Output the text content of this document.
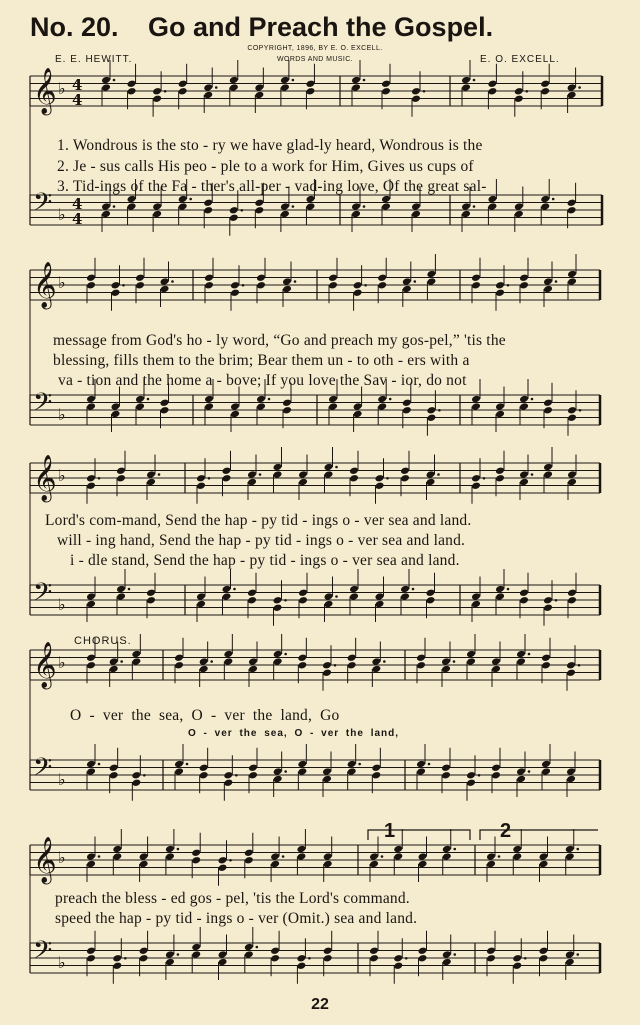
No. 20. Go and Preach the Gospel.
E. E. HEWITT.
COPYRIGHT, 1896, BY E. O. EXCELL.
WORDS AND MUSIC.	E. O. EXCELL.
𝄞 ♭ 4
4
𝄢 ♭
4
4
𝄞 ♭
𝄢 ♭
𝄞 ♭
𝄢 ♭
𝄞 ♭
𝄢 ♭
𝄞 ♭
𝄢 ♭
1. Wondrous is the sto - ry we have glad-ly heard, Wondrous is the
2. Je - sus calls His peo - ple to a work for Him, Gives us cups of
3. Tid-ings of the Fa - ther's all-per - vad-ing love, Of the great sal-
message from God's ho - ly word, “Go and preach my gos-pel,” 'tis the
blessing, fills them to the brim; Bear them un - to oth - ers with a
va - tion and the home a - bove; If you love the Sav - ior, do not
Lord's com-mand, Send the hap - py tid - ings o - ver sea and land.
will - ing hand, Send the hap - py tid - ings o - ver sea and land.
i - dle stand, Send the hap - py tid - ings o - ver sea and land.
CHORUS.
O - ver the sea, O - ver the land, Go
O - ver the sea, O - ver the land,
preach the bless - ed gos - pel, 'tis the Lord's command.
speed the hap - py tid - ings o - ver (Omit.) sea and land.
1	2
22
